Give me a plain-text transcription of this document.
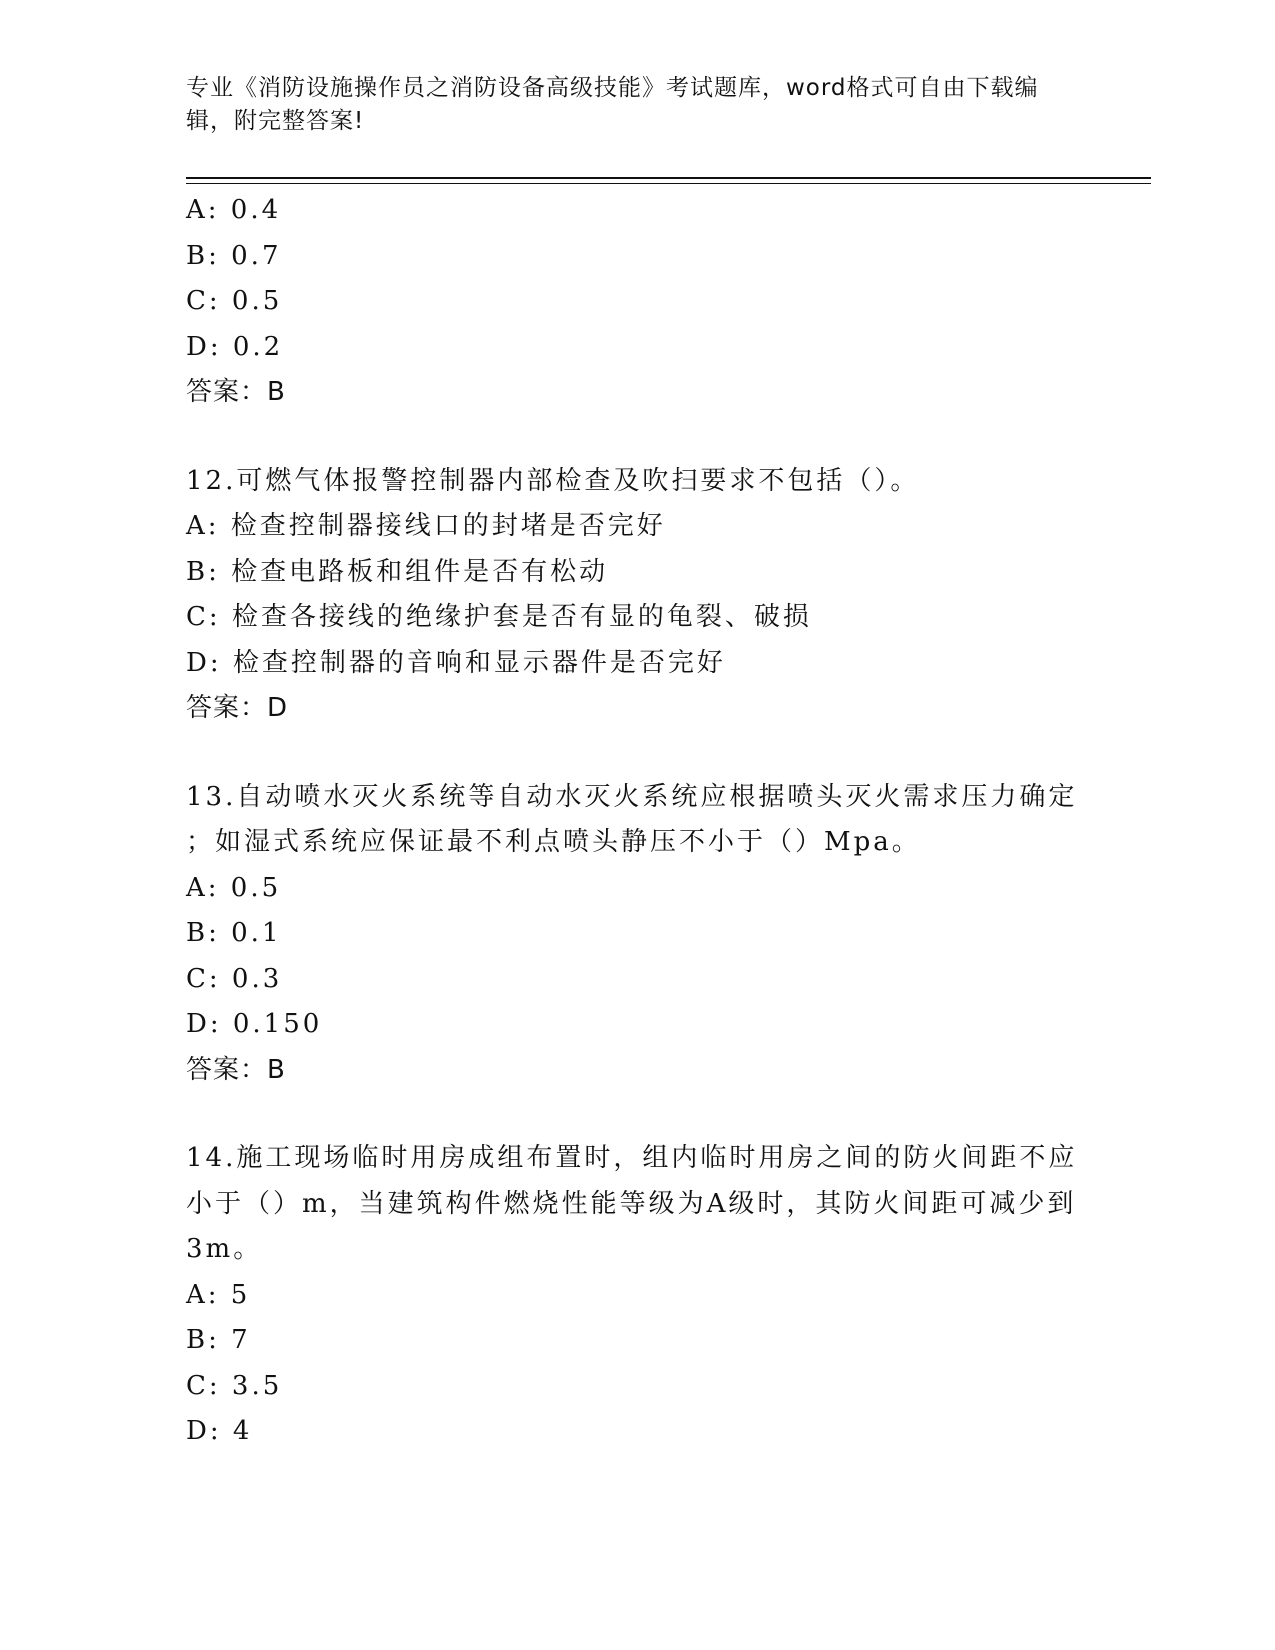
专业《消防设施操作员之消防设备高级技能》考试题库，word格式可自由下载编
辑，附完整答案!
A: 0.4
B: 0.7
C: 0.5
D: 0.2
答案：B
12.可燃气体报警控制器内部检查及吹扫要求不包括（）。
A: 检查控制器接线口的封堵是否完好
B: 检查电路板和组件是否有松动
C: 检查各接线的绝缘护套是否有显的龟裂、破损
D: 检查控制器的音响和显示器件是否完好
答案：D
13.自动喷水灭火系统等自动水灭火系统应根据喷头灭火需求压力确定
；如湿式系统应保证最不利点喷头静压不小于（）Mpa。
A: 0.5
B: 0.1
C: 0.3
D: 0.150
答案：B
14.施工现场临时用房成组布置时，组内临时用房之间的防火间距不应
小于（）m，当建筑构件燃烧性能等级为A级时，其防火间距可减少到
3m。
A: 5
B: 7
C: 3.5
D: 4
